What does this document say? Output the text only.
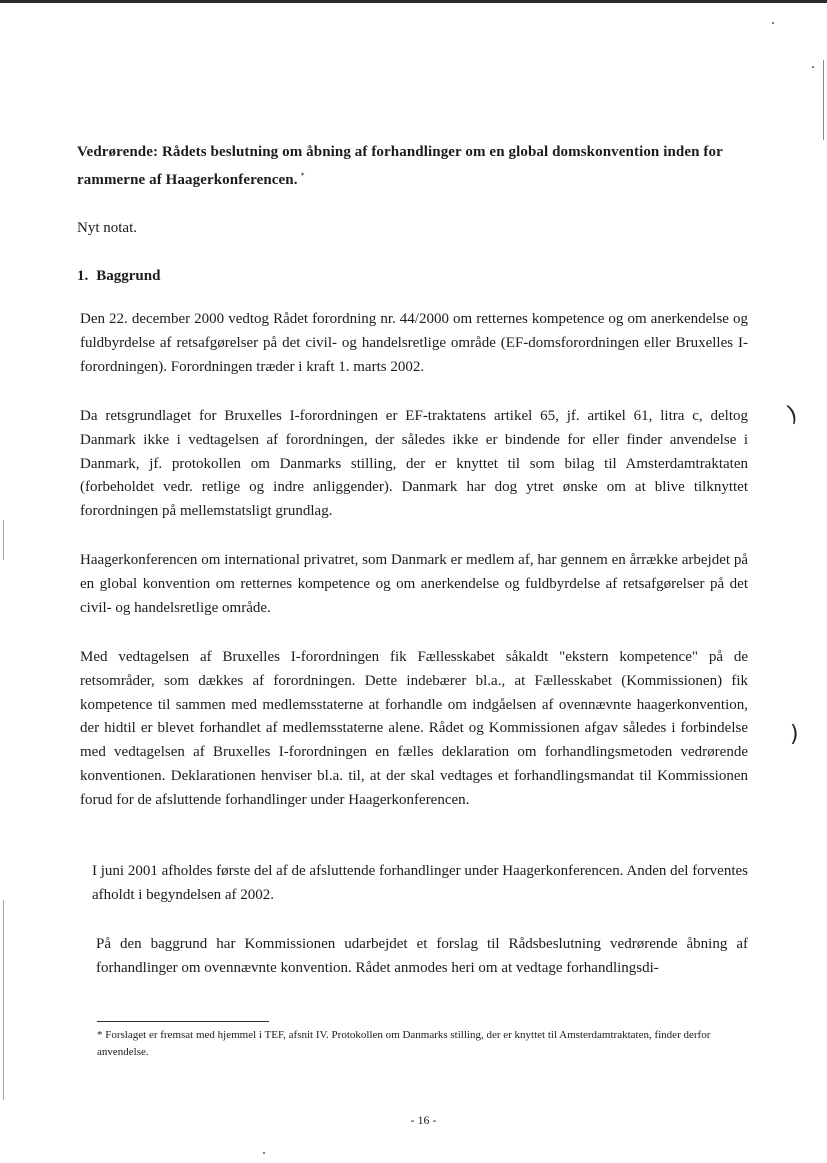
)
)
Vedrørende: Rådets beslutning om åbning af forhandlinger om en global domskonvention inden for rammerne af Haagerkonferencen. *
Nyt notat.
1. Baggrund
Den 22. december 2000 vedtog Rådet forordning nr. 44/2000 om retternes kompetence og om anerkendelse og fuldbyrdelse af retsafgørelser på det civil- og handelsretlige område (EF-domsforordningen eller Bruxelles I-forordningen). Forordningen træder i kraft 1. marts 2002.
Da retsgrundlaget for Bruxelles I-forordningen er EF-traktatens artikel 65, jf. artikel 61, litra c, deltog Danmark ikke i vedtagelsen af forordningen, der således ikke er bindende for eller finder anvendelse i Danmark, jf. protokollen om Danmarks stilling, der er knyttet til som bilag til Amsterdamtraktaten (forbeholdet vedr. retlige og indre anliggender). Danmark har dog ytret ønske om at blive tilknyttet forordningen på mellemstatsligt grundlag.
Haagerkonferencen om international privatret, som Danmark er medlem af, har gennem en årrække arbejdet på en global konvention om retternes kompetence og om anerkendelse og fuldbyrdelse af retsafgørelser på det civil- og handelsretlige område.
Med vedtagelsen af Bruxelles I-forordningen fik Fællesskabet såkaldt "ekstern kompetence" på de retsområder, som dækkes af forordningen. Dette indebærer bl.a., at Fællesskabet (Kommissionen) fik kompetence til sammen med medlemsstaterne at forhandle om indgåelsen af ovennævnte haagerkonvention, der hidtil er blevet forhandlet af medlemsstaterne alene. Rådet og Kommissionen afgav således i forbindelse med vedtagelsen af Bruxelles I-forordningen en fælles deklaration om forhandlingsmetoden vedrørende konventionen. Deklarationen henviser bl.a. til, at der skal vedtages et forhandlingsmandat til Kommissionen forud for de afsluttende forhandlinger under Haagerkonferencen.
I juni 2001 afholdes første del af de afsluttende forhandlinger under Haagerkonferencen. Anden del forventes afholdt i begyndelsen af 2002.
På den baggrund har Kommissionen udarbejdet et forslag til Rådsbeslutning vedrørende åbning af forhandlinger om ovennævnte konvention. Rådet anmodes heri om at vedtage forhandlingsdi-
* Forslaget er fremsat med hjemmel i TEF, afsnit IV. Protokollen om Danmarks stilling, der er knyttet til Amsterdamtraktaten, finder derfor anvendelse.
- 16 -
